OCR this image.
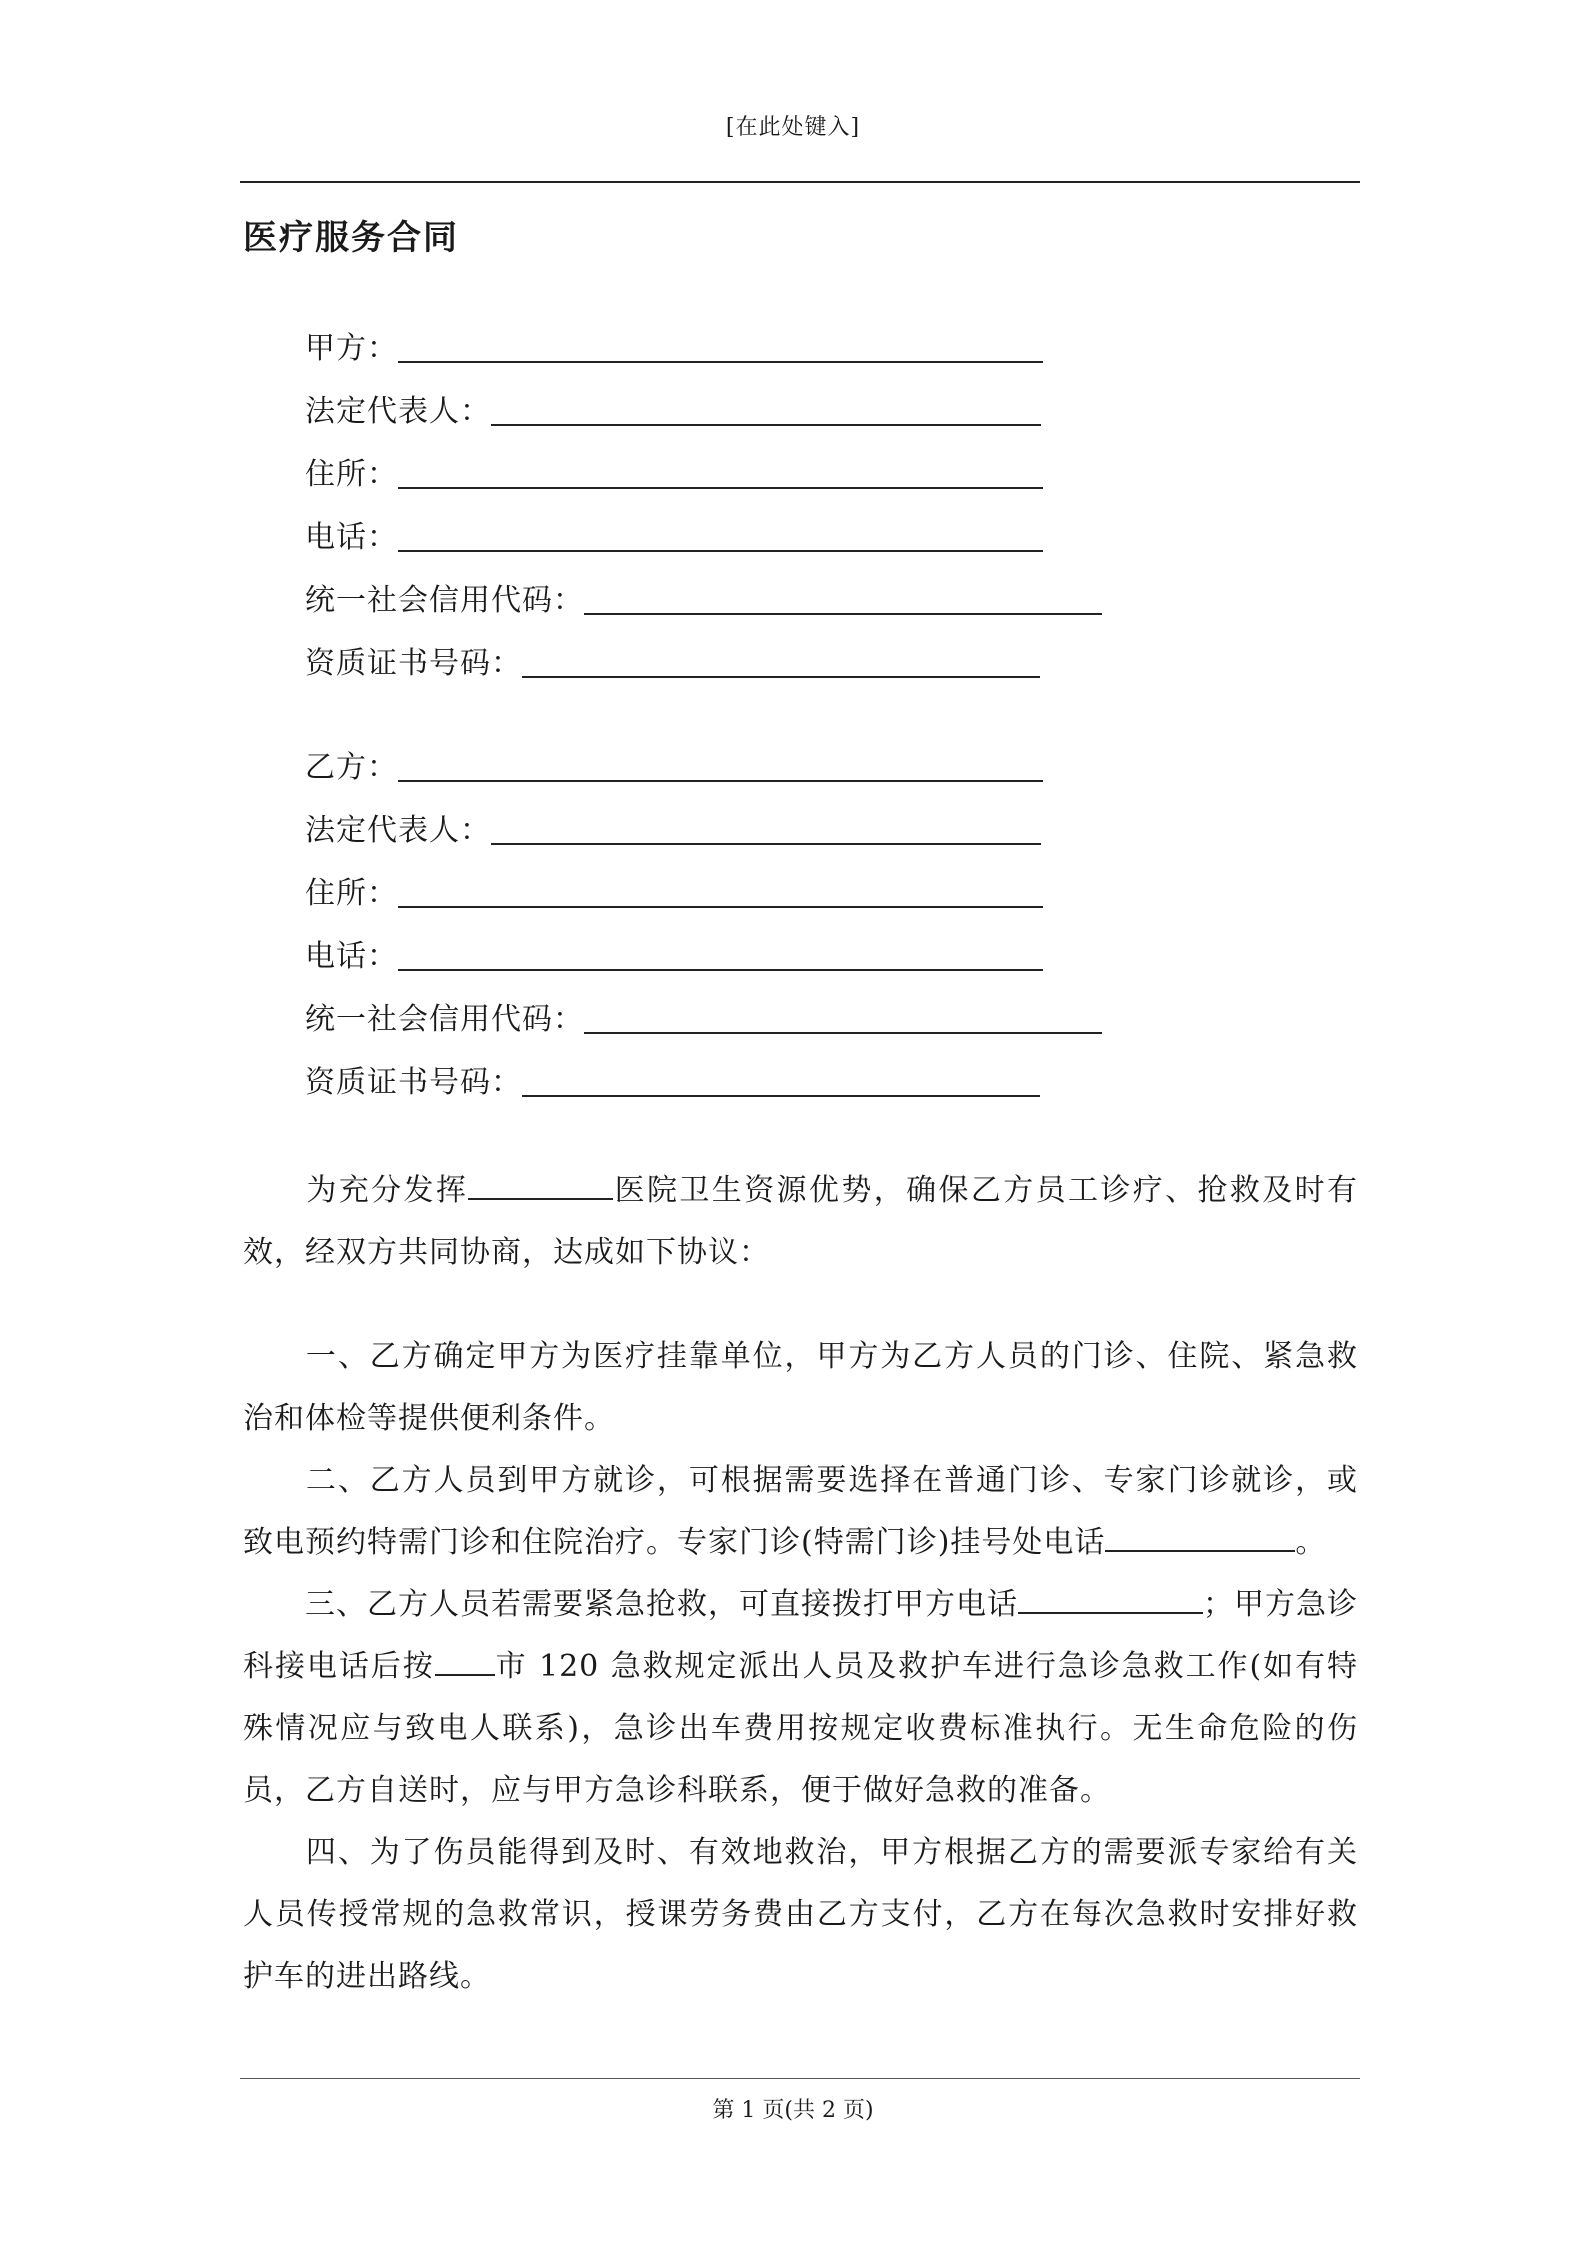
[在此处键入]
医疗服务合同
甲方：
法定代表人：
住所：
电话：
统一社会信用代码：
资质证书号码：
乙方：
法定代表人：
住所：
电话：
统一社会信用代码：
资质证书号码：
为充分发挥	医院卫生资源优势，确保乙方员工诊疗、抢救及时有效，经双方共同协商，达成如下协议：
一、乙方确定甲方为医疗挂靠单位，甲方为乙方人员的门诊、住院、紧急救治和体检等提供便利条件。
二、乙方人员到甲方就诊，可根据需要选择在普通门诊、专家门诊就诊，或致电预约特需门诊和住院治疗。专家门诊(特需门诊)挂号处电话	。
三、乙方人员若需要紧急抢救，可直接拨打甲方电话	；甲方急诊科接电话后按 市 120 急救规定派出人员及救护车进行急诊急救工作(如有特殊情况应与致电人联系)，急诊出车费用按规定收费标准执行。无生命危险的伤员，乙方自送时，应与甲方急诊科联系，便于做好急救的准备。
四、为了伤员能得到及时、有效地救治，甲方根据乙方的需要派专家给有关人员传授常规的急救常识，授课劳务费由乙方支付，乙方在每次急救时安排好救护车的进出路线。
第 1 页(共 2 页)
